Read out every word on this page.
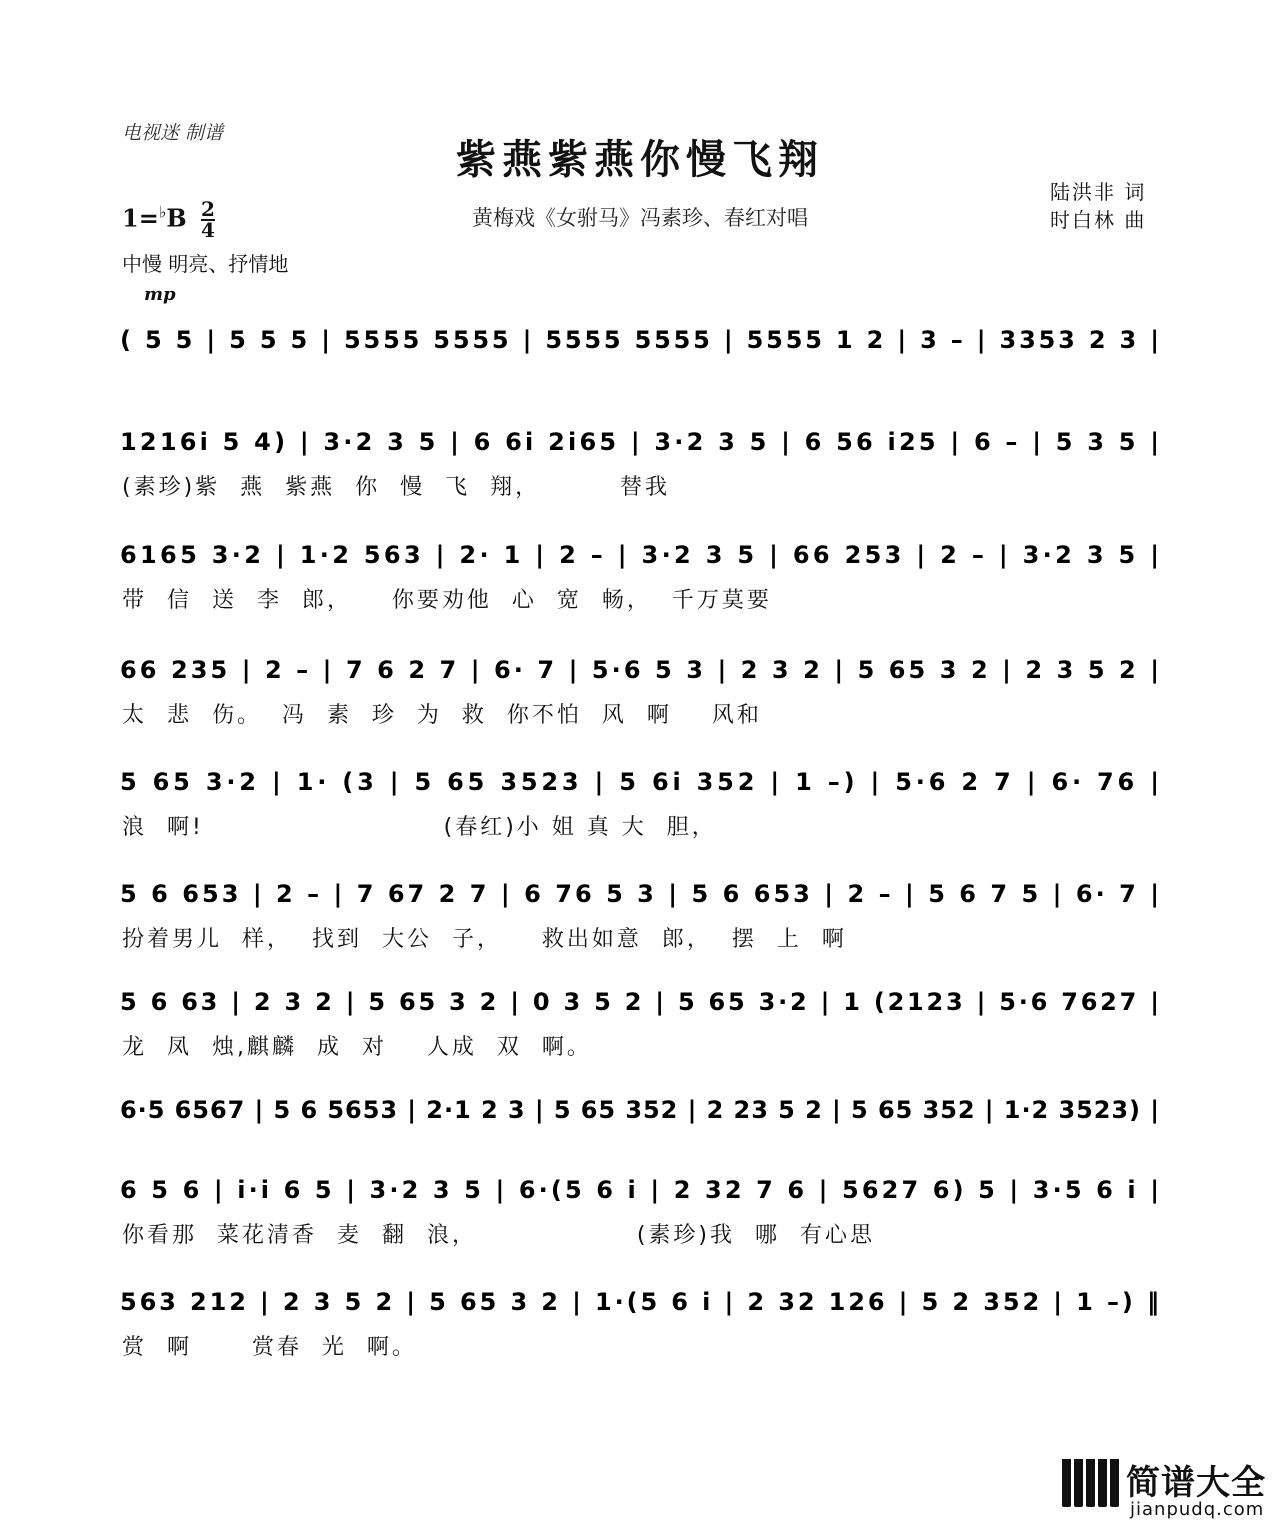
电视迷 制谱
紫燕紫燕你慢飞翔
黄梅戏《女驸马》冯素珍、春红对唱
陆洪非 词
时白林 曲
$1=^♭B \frac{2}{4}$
中慢 明亮、抒情地
mp
( 5 5 | 5 5 5 | 5555 5555 | 5555 5555 | 5555 1 2 | 3 – | 3353 2 3 |
1216i 5 4) | 3·2 3 5 | 6 6i 2i65 | 3·2 3 5 | 6 56 i25 | 6 – | 5 3 5 |
(素珍)紫  燕  紫燕  你  慢  飞  翔，        替我
6165 3·2 | 1·2 563 | 2· 1 | 2 – | 3·2 3 5 | 66 253 | 2 – | 3·2 3 5 |
带  信  送  李  郎，    你要劝他  心  宽  畅，  千万莫要
66 235 | 2 – | 7 6 2 7 | 6· 7 | 5·6 5 3 | 2 3 2 | 5 65 3 2 | 2 3 5 2 |
太  悲  伤。  冯  素  珍  为  救  你不怕  风  啊    风和
5 65 3·2 | 1· (3 | 5 65 3523 | 5 6i 352 | 1 –) | 5·6 2 7 | 6· 76 |
浪  啊!                        (春红)小 姐 真 大  胆，
5 6 653 | 2 – | 7 67 2 7 | 6 76 5 3 | 5 6 653 | 2 – | 5 6 7 5 | 6· 7 |
扮着男儿  样，  找到  大公  子，    救出如意  郎，  摆  上  啊
5 6 63 | 2 3 2 | 5 65 3 2 | 0 3 5 2 | 5 65 3·2 | 1 (2123 | 5·6 7627 |
龙  凤  烛,麒麟  成  对    人成  双  啊。
6·5 6567 | 5 6 5653 | 2·1 2 3 | 5 65 352 | 2 23 5 2 | 5 65 352 | 1·2 3523) |
6 5 6 | i·i 6 5 | 3·2 3 5 | 6·(5 6 i | 2 32 7 6 | 5627 6) 5 | 3·5 6 i |
你看那  菜花清香  麦  翻  浪，                (素珍)我  哪  有心思
563 212 | 2 3 5 2 | 5 65 3 2 | 1·(5 6 i | 2 32 126 | 5 2 352 | 1 –) ‖
赏  啊      赏春  光  啊。
简谱大全
jianpudq.com
